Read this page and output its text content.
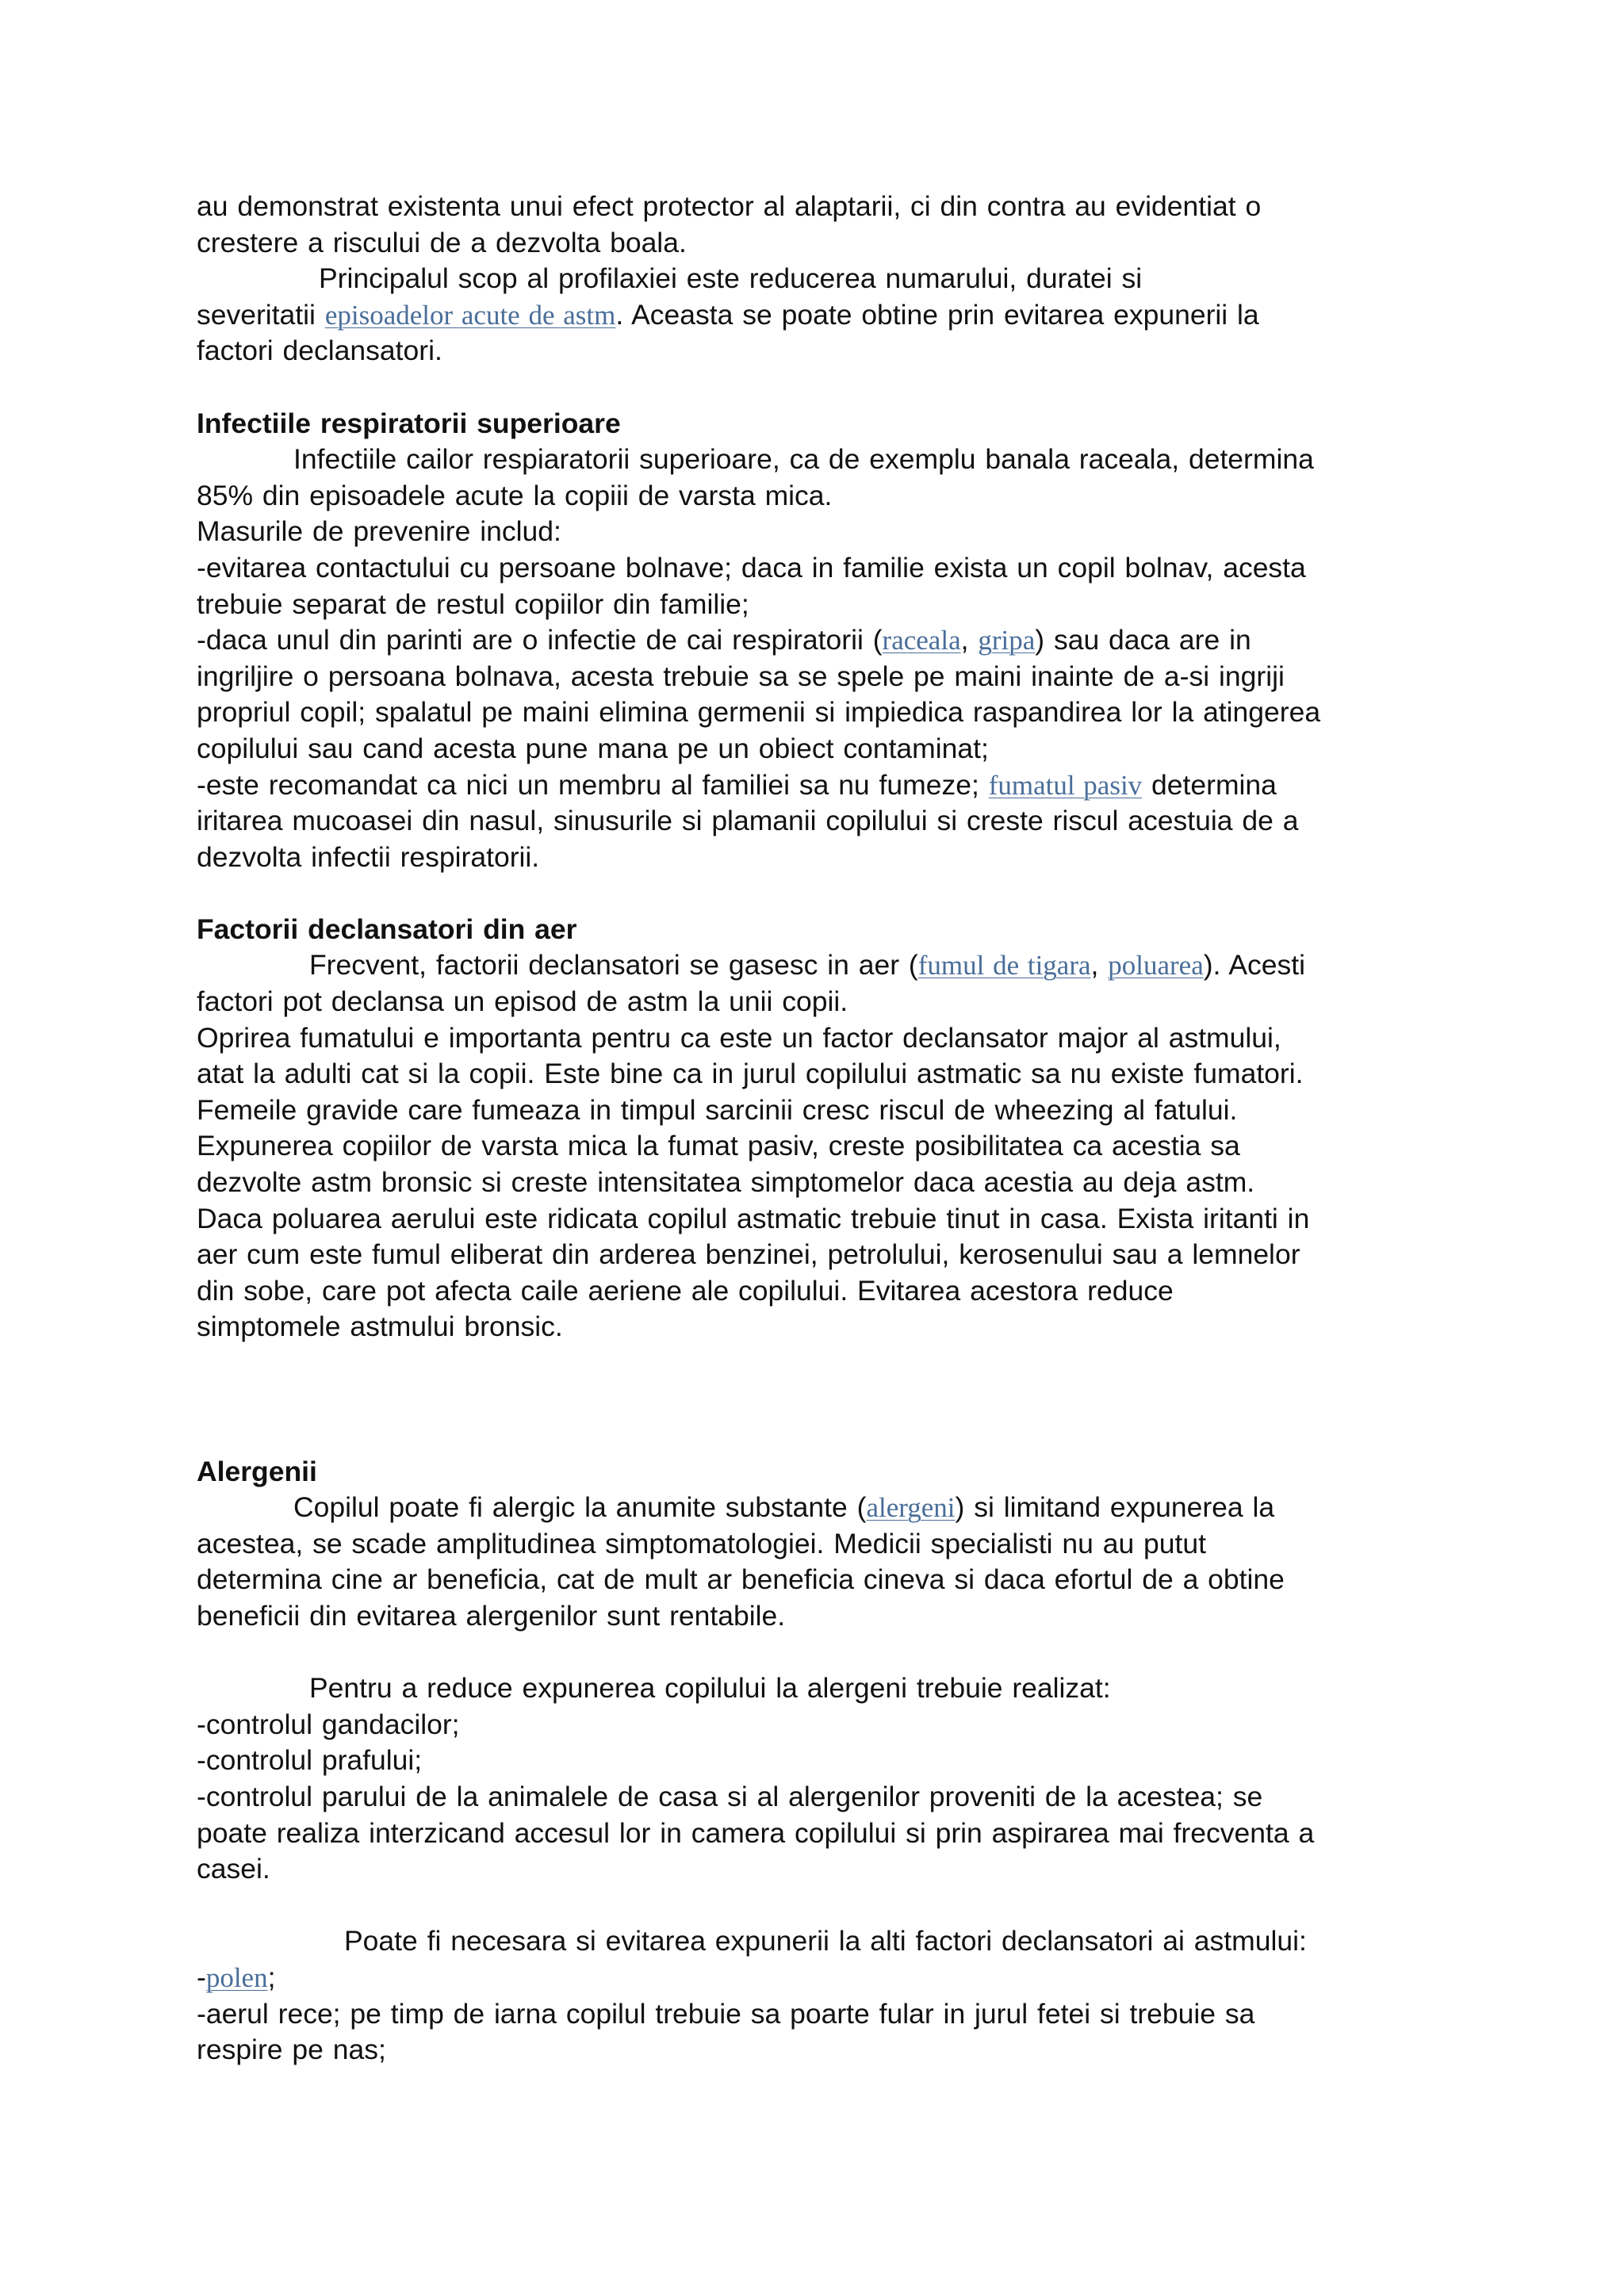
au demonstrat existenta unui efect protector al alaptarii, ci din contra au evidentiat o
crestere a riscului de a dezvolta boala.
Principalul scop al profilaxiei este reducerea numarului, duratei si
severitatii episoadelor acute de astm. Aceasta se poate obtine prin evitarea expunerii la
factori declansatori.
Infectiile respiratorii superioare
Infectiile cailor respiaratorii superioare, ca de exemplu banala raceala, determina
85% din episoadele acute la copiii de varsta mica.
Masurile de prevenire includ:
-evitarea contactului cu persoane bolnave; daca in familie exista un copil bolnav, acesta
trebuie separat de restul copiilor din familie;
-daca unul din parinti are o infectie de cai respiratorii (raceala, gripa) sau daca are in
ingriljire o persoana bolnava, acesta trebuie sa se spele pe maini inainte de a-si ingriji
propriul copil; spalatul pe maini elimina germenii si impiedica raspandirea lor la atingerea
copilului sau cand acesta pune mana pe un obiect contaminat;
-este recomandat ca nici un membru al familiei sa nu fumeze; fumatul pasiv determina
iritarea mucoasei din nasul, sinusurile si plamanii copilului si creste riscul acestuia de a
dezvolta infectii respiratorii.
Factorii declansatori din aer
Frecvent, factorii declansatori se gasesc in aer (fumul de tigara, poluarea). Acesti
factori pot declansa un episod de astm la unii copii.
Oprirea fumatului e importanta pentru ca este un factor declansator major al astmului,
atat la adulti cat si la copii. Este bine ca in jurul copilului astmatic sa nu existe fumatori.
Femeile gravide care fumeaza in timpul sarcinii cresc riscul de wheezing al fatului.
Expunerea copiilor de varsta mica la fumat pasiv, creste posibilitatea ca acestia sa
dezvolte astm bronsic si creste intensitatea simptomelor daca acestia au deja astm.
Daca poluarea aerului este ridicata copilul astmatic trebuie tinut in casa. Exista iritanti in
aer cum este fumul eliberat din arderea benzinei, petrolului, kerosenului sau a lemnelor
din sobe, care pot afecta caile aeriene ale copilului. Evitarea acestora reduce
simptomele astmului bronsic.
Alergenii
Copilul poate fi alergic la anumite substante (alergeni) si limitand expunerea la
acestea, se scade amplitudinea simptomatologiei. Medicii specialisti nu au putut
determina cine ar beneficia, cat de mult ar beneficia cineva si daca efortul de a obtine
beneficii din evitarea alergenilor sunt rentabile.
Pentru a reduce expunerea copilului la alergeni trebuie realizat:
-controlul gandacilor;
-controlul prafului;
-controlul parului de la animalele de casa si al alergenilor proveniti de la acestea; se
poate realiza interzicand accesul lor in camera copilului si prin aspirarea mai frecventa a
casei.
Poate fi necesara si evitarea expunerii la alti factori declansatori ai astmului:
-polen;
-aerul rece; pe timp de iarna copilul trebuie sa poarte fular in jurul fetei si trebuie sa
respire pe nas;
